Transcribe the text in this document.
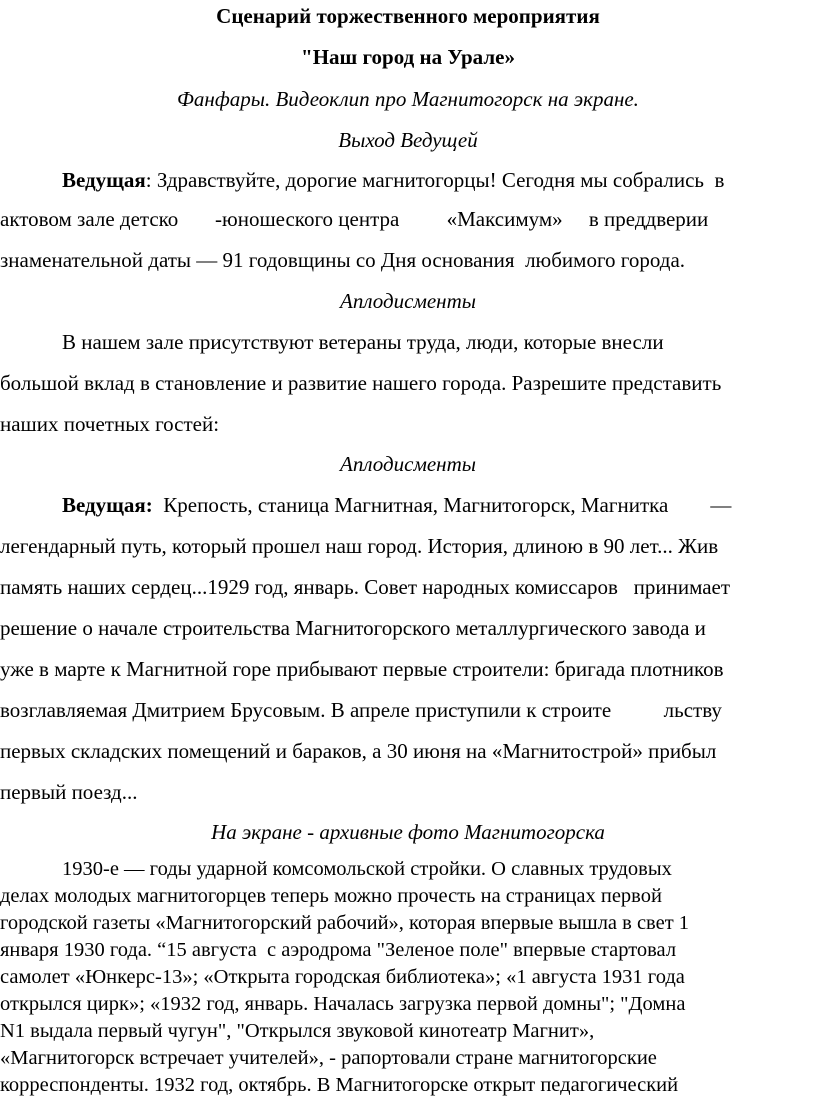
Сценарий торжественного мероприятия
"Наш город на Урале»
Фанфары. Видеоклип про Магнитогорск на экране.
Выход Ведущей
Ведущая: Здравствуйте, дорогие магнитогорцы! Сегодня мы собрались  в
актовом зале детско       -юношеского центра         «Максимум»     в преддверии
знаменательной даты — 91 годовщины со Дня основания  любимого города.
Аплодисменты
В нашем зале присутствуют ветераны труда, люди, которые внесли
большой вклад в становление и развитие нашего города. Разрешите представить
наших почетных гостей:
Аплодисменты
Ведущая:  Крепость, станица Магнитная, Магнитогорск, Магнитка        —
легендарный путь, который прошел наш город. История, длиною в 90 лет... Жив
память наших сердец...1929 год, январь. Совет народных комиссаров   принимает
решение о начале строительства Магнитогорского металлургического завода и
уже в марте к Магнитной горе прибывают первые строители: бригада плотников
возглавляемая Дмитрием Брусовым. В апреле приступили к строите          льству
первых складских помещений и бараков, а 30 июня на «Магнитострой» прибыл
первый поезд...
На экране - архивные фото Магнитогорска
1930-е — годы ударной комсомольской стройки. О славных трудовых
делах молодых магнитогорцев теперь можно прочесть на страницах первой
городской газеты «Магнитогорский рабочий», которая впервые вышла в свет 1
января 1930 года. “15 августа  с аэродрома "Зеленое поле" впервые стартовал
самолет «Юнкерс-13»; «Открыта городская библиотека»; «1 августа 1931 года
открылся цирк»; «1932 год, январь. Началась загрузка первой домны"; "Домна
N1 выдала первый чугун", "Открылся звуковой кинотеатр Магнит»,
«Магнитогорск встречает учителей», - рапортовали стране магнитогорские
корреспонденты. 1932 год, октябрь. В Магнитогорске открыт педагогический
